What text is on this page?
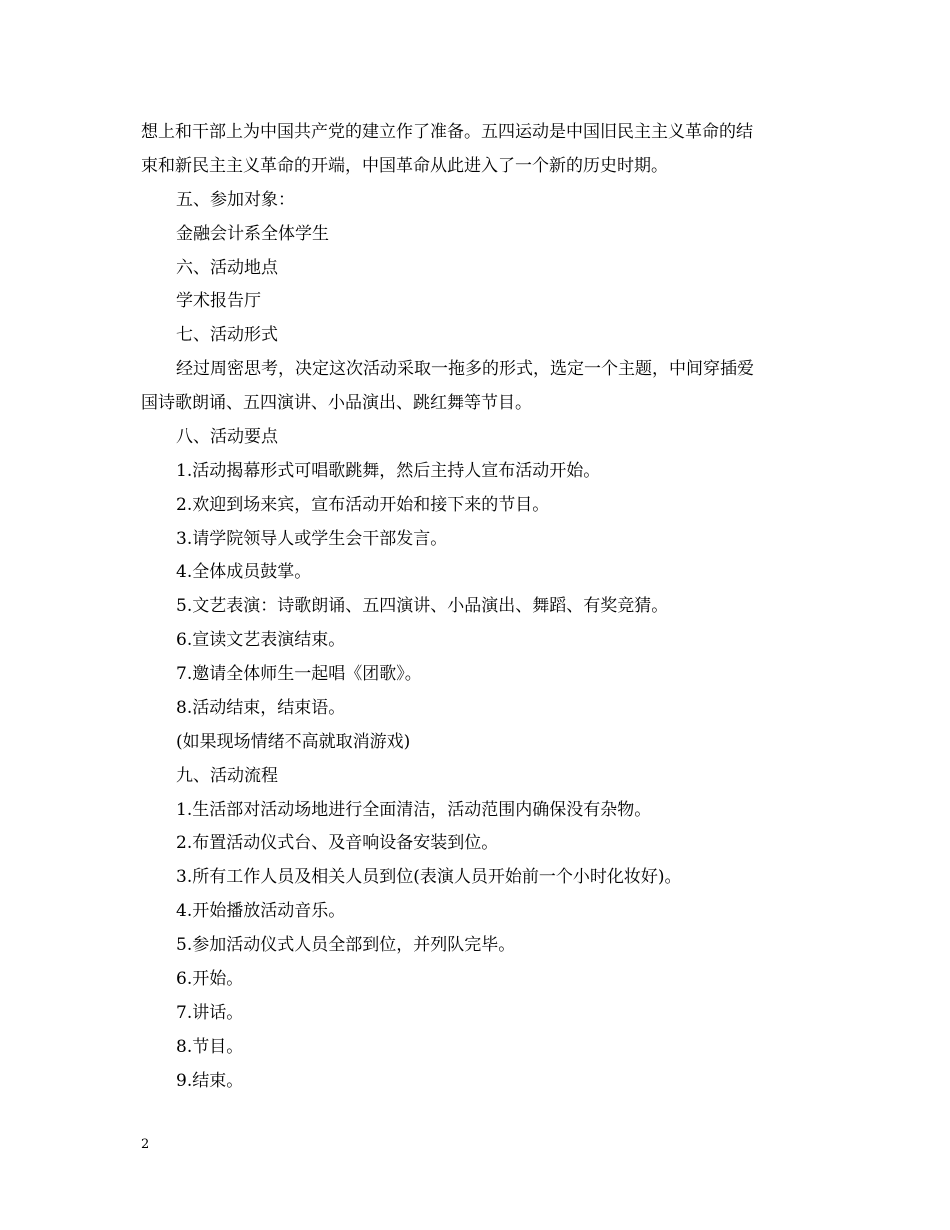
想上和干部上为中国共产党的建立作了准备。五四运动是中国旧民主主义革命的结
束和新民主主义革命的开端，中国革命从此进入了一个新的历史时期。
五、参加对象：
金融会计系全体学生
六、活动地点
学术报告厅
七、活动形式
经过周密思考，决定这次活动采取一拖多的形式，选定一个主题，中间穿插爱
国诗歌朗诵、五四演讲、小品演出、跳红舞等节目。
八、活动要点
1.活动揭幕形式可唱歌跳舞，然后主持人宣布活动开始。
2.欢迎到场来宾，宣布活动开始和接下来的节目。
3.请学院领导人或学生会干部发言。
4.全体成员鼓掌。
5.文艺表演：诗歌朗诵、五四演讲、小品演出、舞蹈、有奖竞猜。
6.宣读文艺表演结束。
7.邀请全体师生一起唱《团歌》。
8.活动结束，结束语。
(如果现场情绪不高就取消游戏)
九、活动流程
1.生活部对活动场地进行全面清洁，活动范围内确保没有杂物。
2.布置活动仪式台、及音响设备安装到位。
3.所有工作人员及相关人员到位(表演人员开始前一个小时化妆好)。
4.开始播放活动音乐。
5.参加活动仪式人员全部到位，并列队完毕。
6.开始。
7.讲话。
8.节目。
9.结束。
2
